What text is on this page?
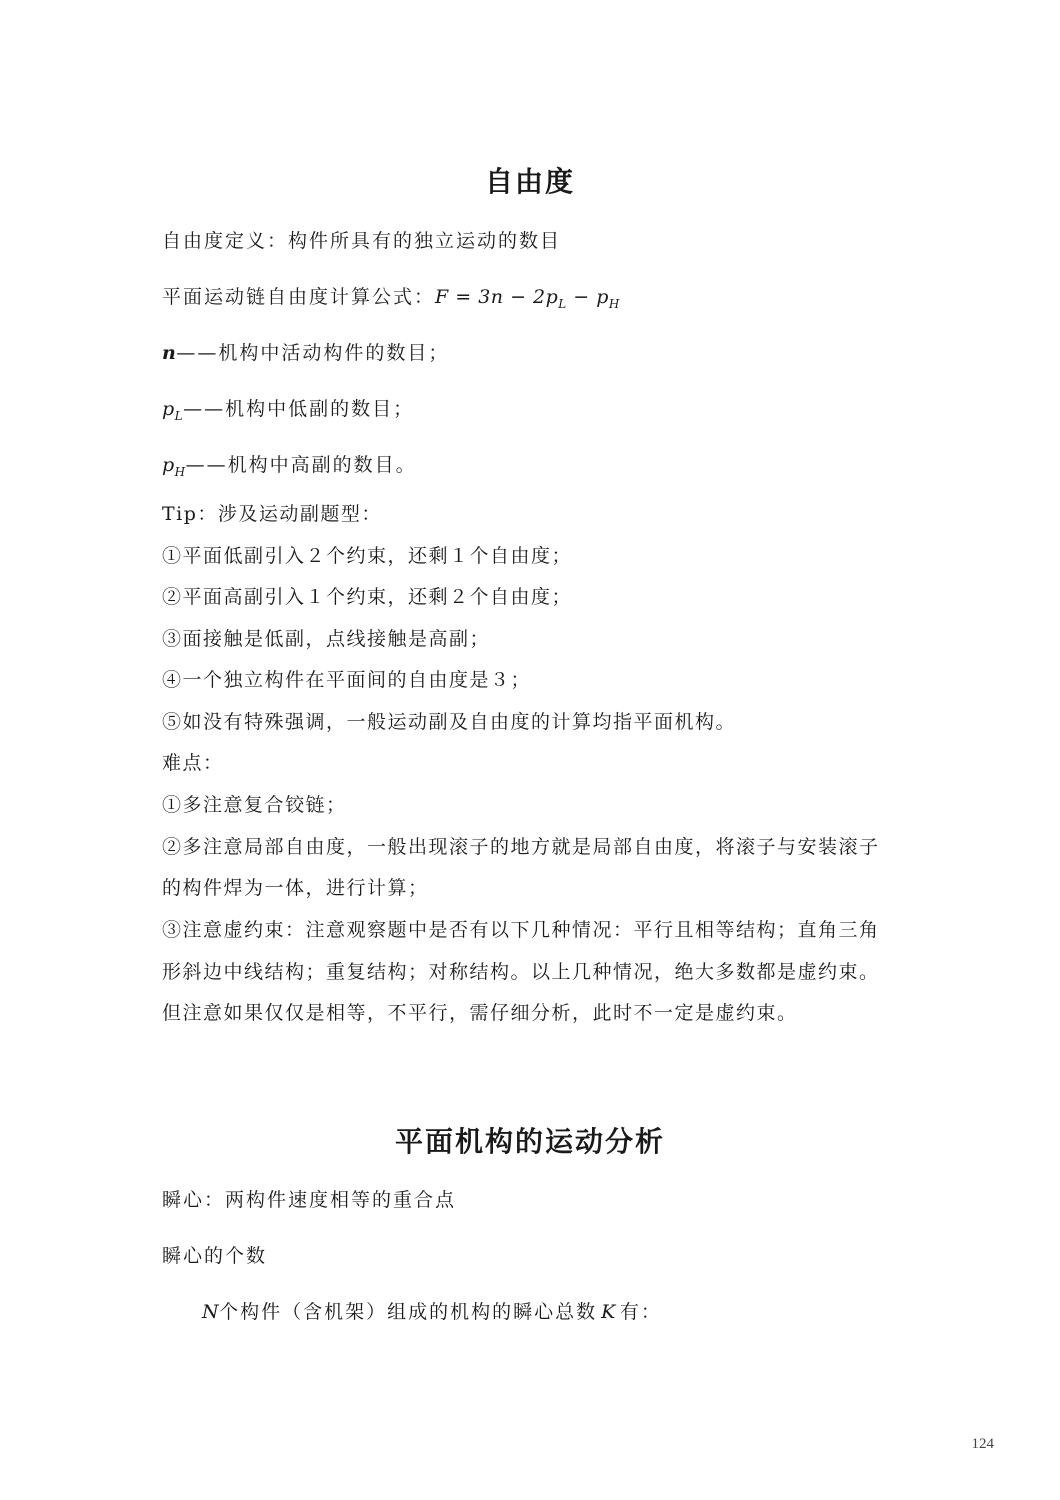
自由度
自由度定义：构件所具有的独立运动的数目
平面运动链自由度计算公式：$F = 3n - 2p_L - p_H$
n——机构中活动构件的数目；
$p_L——$机构中低副的数目；
$p_H——$机构中高副的数目。
Tip：涉及运动副题型：
①平面低副引入２个约束，还剩１个自由度；
②平面高副引入１个约束，还剩２个自由度；
③面接触是低副，点线接触是高副；
④一个独立构件在平面间的自由度是３；
⑤如没有特殊强调，一般运动副及自由度的计算均指平面机构。
难点：
①多注意复合铰链；
②多注意局部自由度，一般出现滚子的地方就是局部自由度，将滚子与安装滚子
的构件焊为一体，进行计算；
③注意虚约束：注意观察题中是否有以下几种情况：平行且相等结构；直角三角
形斜边中线结构；重复结构；对称结构。以上几种情况，绝大多数都是虚约束。
但注意如果仅仅是相等，不平行，需仔细分析，此时不一定是虚约束。
平面机构的运动分析
瞬心：两构件速度相等的重合点
瞬心的个数
N个构件（含机架）组成的机构的瞬心总数 K 有：
124
